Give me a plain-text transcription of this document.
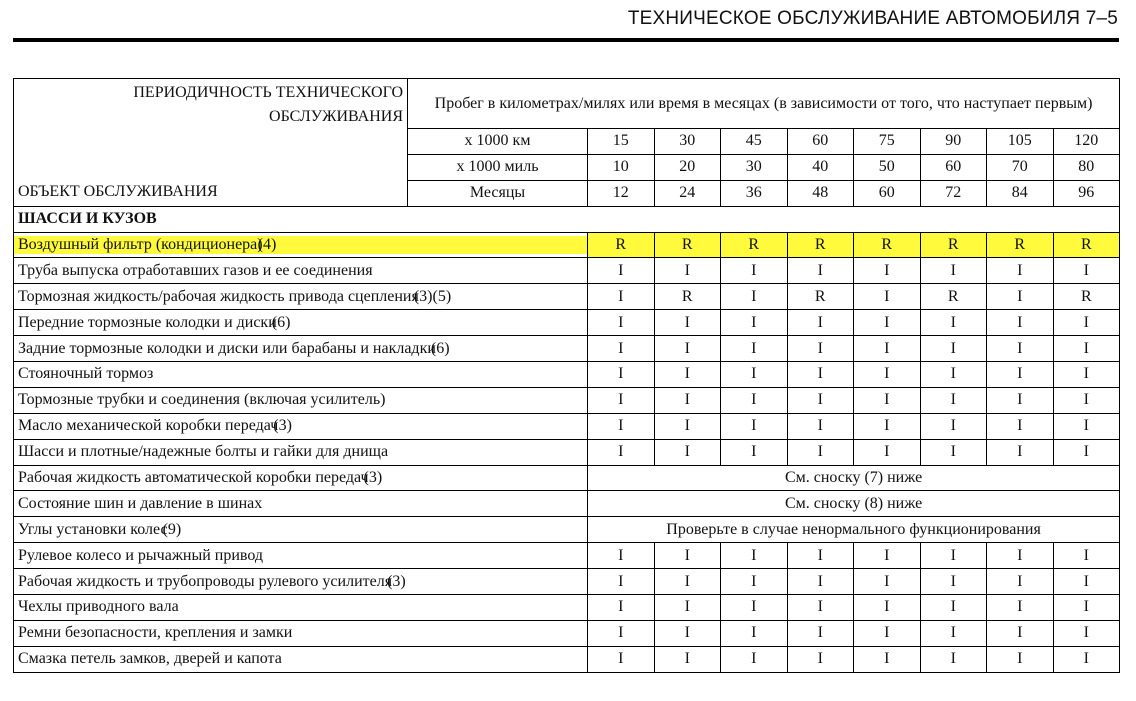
ТЕХНИЧЕСКОЕ ОБСЛУЖИВАНИЕ АВТОМОБИЛЯ 7–5
ПЕРИОДИЧНОСТЬ ТЕХНИЧЕСКОГО
ОБСЛУЖИВАНИЯ
ОБЪЕКТ ОБСЛУЖИВАНИЯ	Пробег в километрах/милях или время в месяцах (в зависимости от того, что наступает первым)								
	x 1000 км	15	30	45	60	75	90	105	120
	x 1000 миль	10	20	30	40	50	60	70	80
	Месяцы	12	24	36	48	60	72	84	96
ШАССИ И КУЗОВ									

Воздушный фильтр (кондиционера)(4)		R	R	R	R	R	R	R	R
Труба выпуска отработавших газов и ее соединения		I	I	I	I	I	I	I	I
Тормозная жидкость/рабочая жидкость привода сцепления(3)(5)		I	R	I	R	I	R	I	R
Передние тормозные колодки и диски(6)		I	I	I	I	I	I	I	I
Задние тормозные колодки и диски или барабаны и накладки(6)		I	I	I	I	I	I	I	I
Стояночный тормоз		I	I	I	I	I	I	I	I
Тормозные трубки и соединения (включая усилитель)		I	I	I	I	I	I	I	I
Масло механической коробки передач(3)		I	I	I	I	I	I	I	I
Шасси и плотные/надежные болты и гайки для днища		I	I	I	I	I	I	I	I
Рабочая жидкость автоматической коробки передач(3)		См. сноску (7) ниже							
Состояние шин и давление в шинах		См. сноску (8) ниже							
Углы установки колес(9)		Проверьте в случае ненормального функционирования							
Рулевое колесо и рычажный привод		I	I	I	I	I	I	I	I
Рабочая жидкость и трубопроводы рулевого усилителя(3)		I	I	I	I	I	I	I	I
Чехлы приводного вала		I	I	I	I	I	I	I	I
Ремни безопасности, крепления и замки		I	I	I	I	I	I	I	I
Смазка петель замков, дверей и капота		I	I	I	I	I	I	I	I
